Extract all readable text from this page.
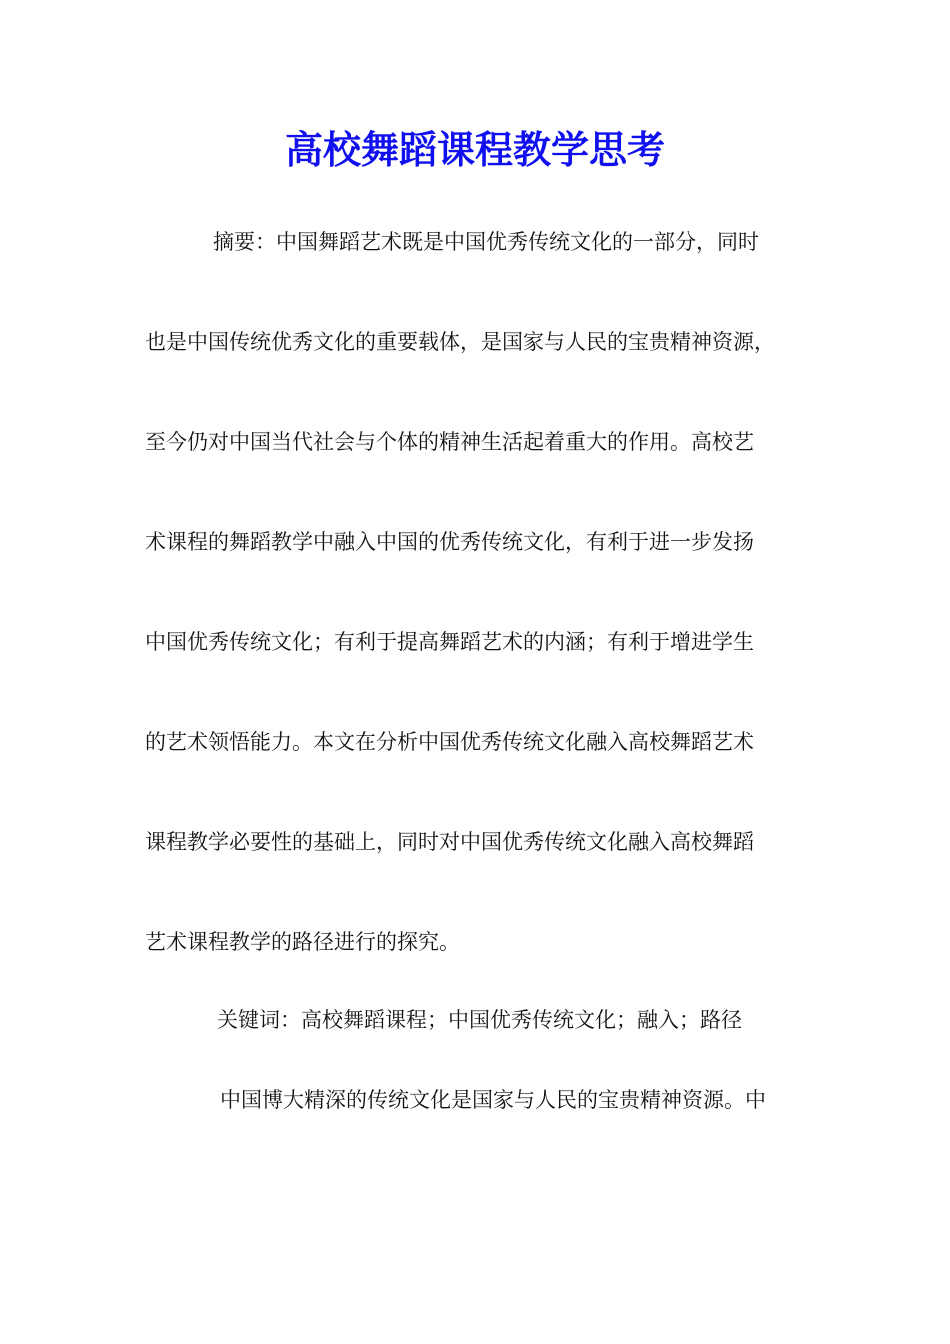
高校舞蹈课程教学思考

摘要：中国舞蹈艺术既是中国优秀传统文化的一部分，同时

也是中国传统优秀文化的重要载体，是国家与人民的宝贵精神资源，

至今仍对中国当代社会与个体的精神生活起着重大的作用。高校艺

术课程的舞蹈教学中融入中国的优秀传统文化，有利于进一步发扬

中国优秀传统文化；有利于提高舞蹈艺术的内涵；有利于增进学生

的艺术领悟能力。本文在分析中国优秀传统文化融入高校舞蹈艺术

课程教学必要性的基础上，同时对中国优秀传统文化融入高校舞蹈

艺术课程教学的路径进行的探究。

关键词：高校舞蹈课程；中国优秀传统文化；融入；路径

中国博大精深的传统文化是国家与人民的宝贵精神资源。中
